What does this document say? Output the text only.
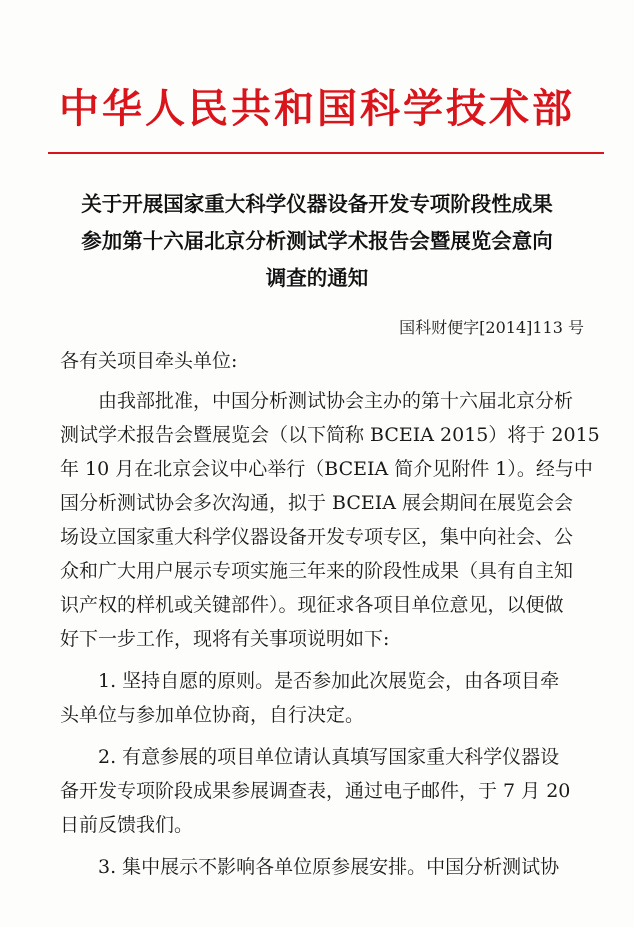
中华人民共和国科学技术部
关于开展国家重大科学仪器设备开发专项阶段性成果
参加第十六届北京分析测试学术报告会暨展览会意向
调查的通知
国科财便字[2014]113 号
各有关项目牵头单位:
由我部批准，中国分析测试协会主办的第十六届北京分析
测试学术报告会暨展览会（以下简称 BCEIA 2015）将于 2015
年 10 月在北京会议中心举行（BCEIA 简介见附件 1）。经与中
国分析测试协会多次沟通，拟于 BCEIA 展会期间在展览会会
场设立国家重大科学仪器设备开发专项专区，集中向社会、公
众和广大用户展示专项实施三年来的阶段性成果（具有自主知
识产权的样机或关键部件）。现征求各项目单位意见，以便做
好下一步工作，现将有关事项说明如下:
1. 坚持自愿的原则。是否参加此次展览会，由各项目牵
头单位与参加单位协商，自行决定。
2. 有意参展的项目单位请认真填写国家重大科学仪器设
备开发专项阶段成果参展调查表，通过电子邮件，于 7 月 20
日前反馈我们。
3. 集中展示不影响各单位原参展安排。中国分析测试协
